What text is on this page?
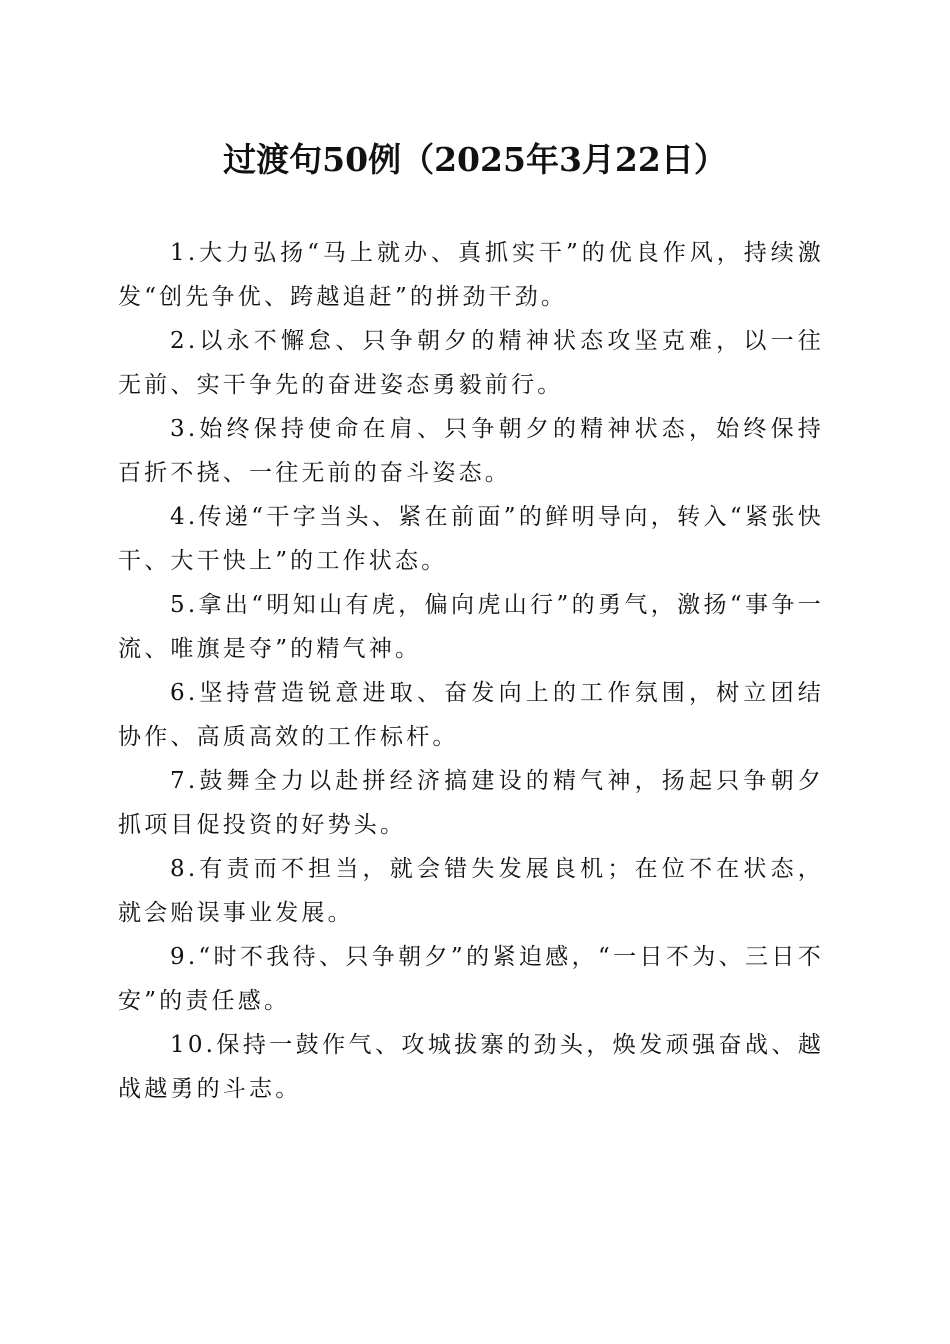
过渡句50例（2025年3月22日）

1.大力弘扬“马上就办、真抓实干”的优良作风，持续激发“创先争优、跨越追赶”的拼劲干劲。

2.以永不懈怠、只争朝夕的精神状态攻坚克难，以一往无前、实干争先的奋进姿态勇毅前行。

3.始终保持使命在肩、只争朝夕的精神状态，始终保持百折不挠、一往无前的奋斗姿态。

4.传递“干字当头、紧在前面”的鲜明导向，转入“紧张快干、大干快上”的工作状态。

5.拿出“明知山有虎，偏向虎山行”的勇气，激扬“事争一流、唯旗是夺”的精气神。

6.坚持营造锐意进取、奋发向上的工作氛围，树立团结协作、高质高效的工作标杆。

7.鼓舞全力以赴拼经济搞建设的精气神，扬起只争朝夕抓项目促投资的好势头。

8.有责而不担当，就会错失发展良机；在位不在状态，就会贻误事业发展。

9.“时不我待、只争朝夕”的紧迫感，“一日不为、三日不安”的责任感。

10.保持一鼓作气、攻城拔寨的劲头，焕发顽强奋战、越战越勇的斗志。
